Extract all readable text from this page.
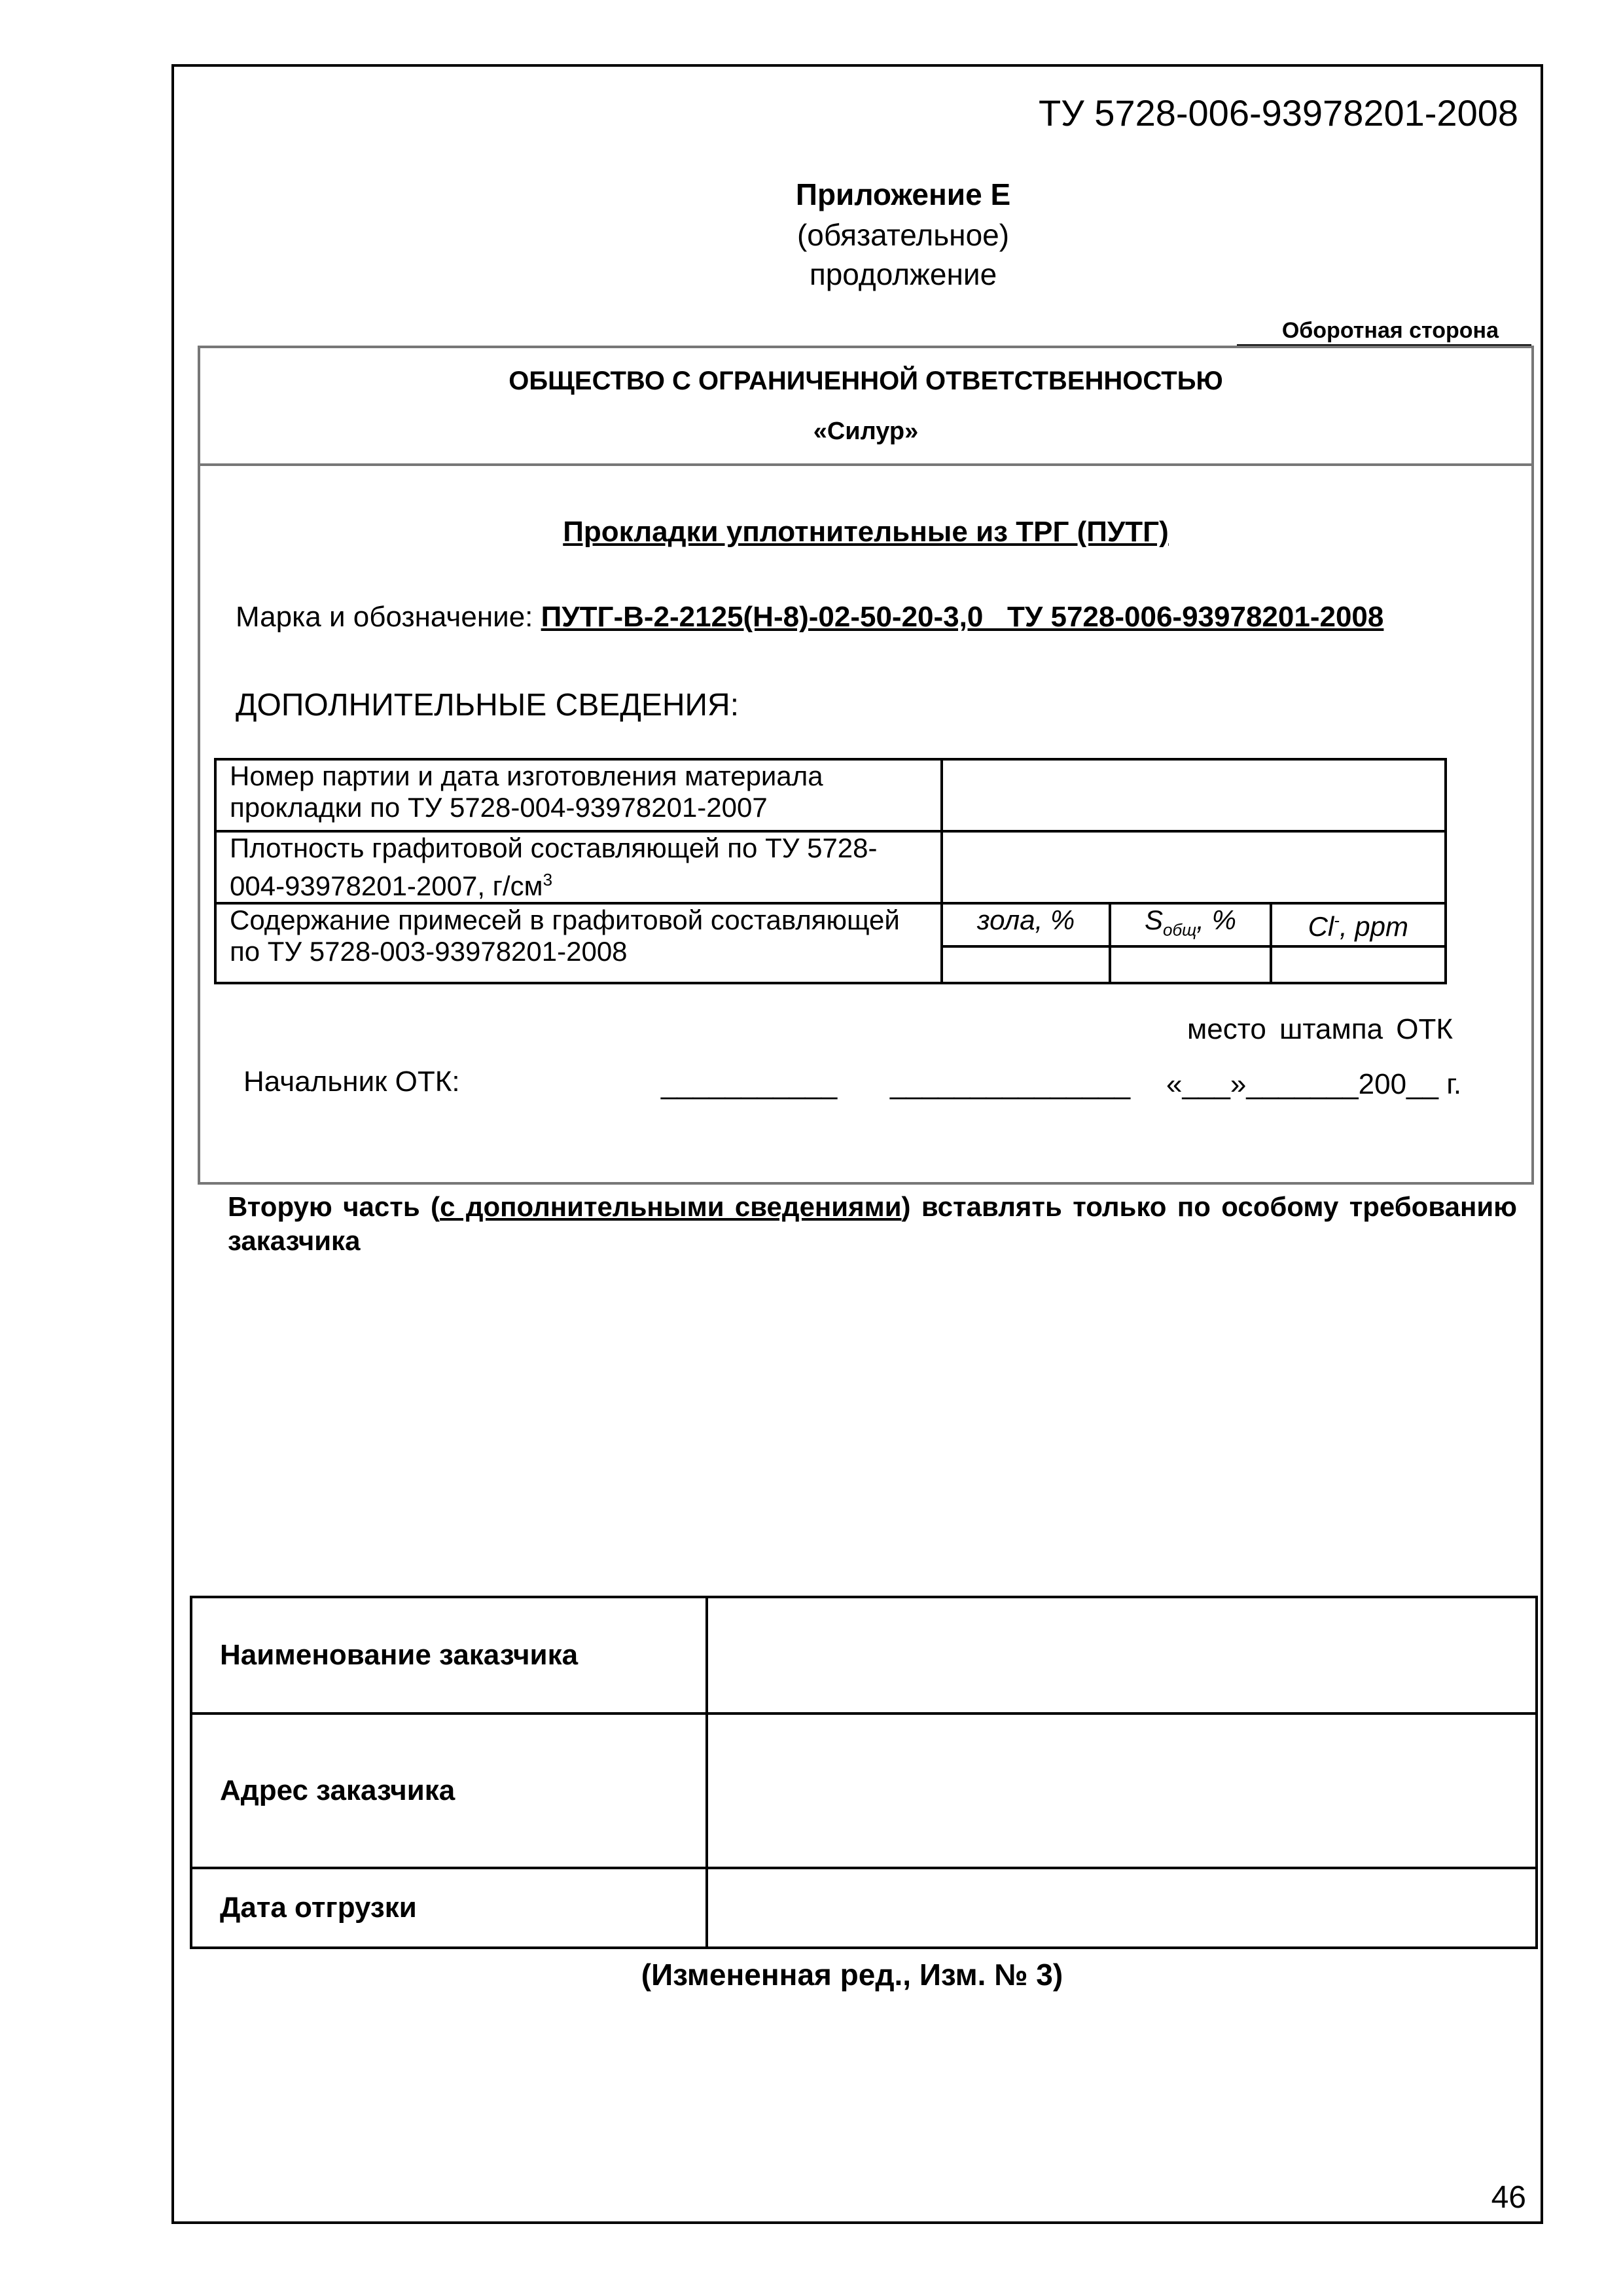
ТУ 5728-006-93978201-2008
Приложение Е
(обязательное)
продолжение
Оборотная сторона
ОБЩЕСТВО С ОГРАНИЧЕННОЙ ОТВЕТСТВЕННОСТЬЮ
«Силур»
Прокладки уплотнительные из ТРГ (ПУТГ)
Марка и обозначение: ПУТГ-В-2-2125(Н-8)-02-50-20-3,0   ТУ 5728-006-93978201-2008
ДОПОЛНИТЕЛЬНЫЕ СВЕДЕНИЯ:
Номер партии и дата изготовления материала прокладки по ТУ 5728-004-93978201-2007			
Плотность графитовой составляющей по ТУ 5728-004-93978201-2007, $г/см^3$	
Содержание примесей в графитовой составляющей по ТУ 5728-003-93978201-2008	зола, %	$S_{общ}$, %	Cl-, ppm

место штампа ОТК
Начальник ОТК:	___________ _______________ «___»_______200__ г.
Вторую часть (с дополнительными сведениями) вставлять только по особому требованию заказчика
Наименование заказчика	
Адрес заказчика	
Дата отгрузки	
(Измененная ред., Изм. № 3)
46
